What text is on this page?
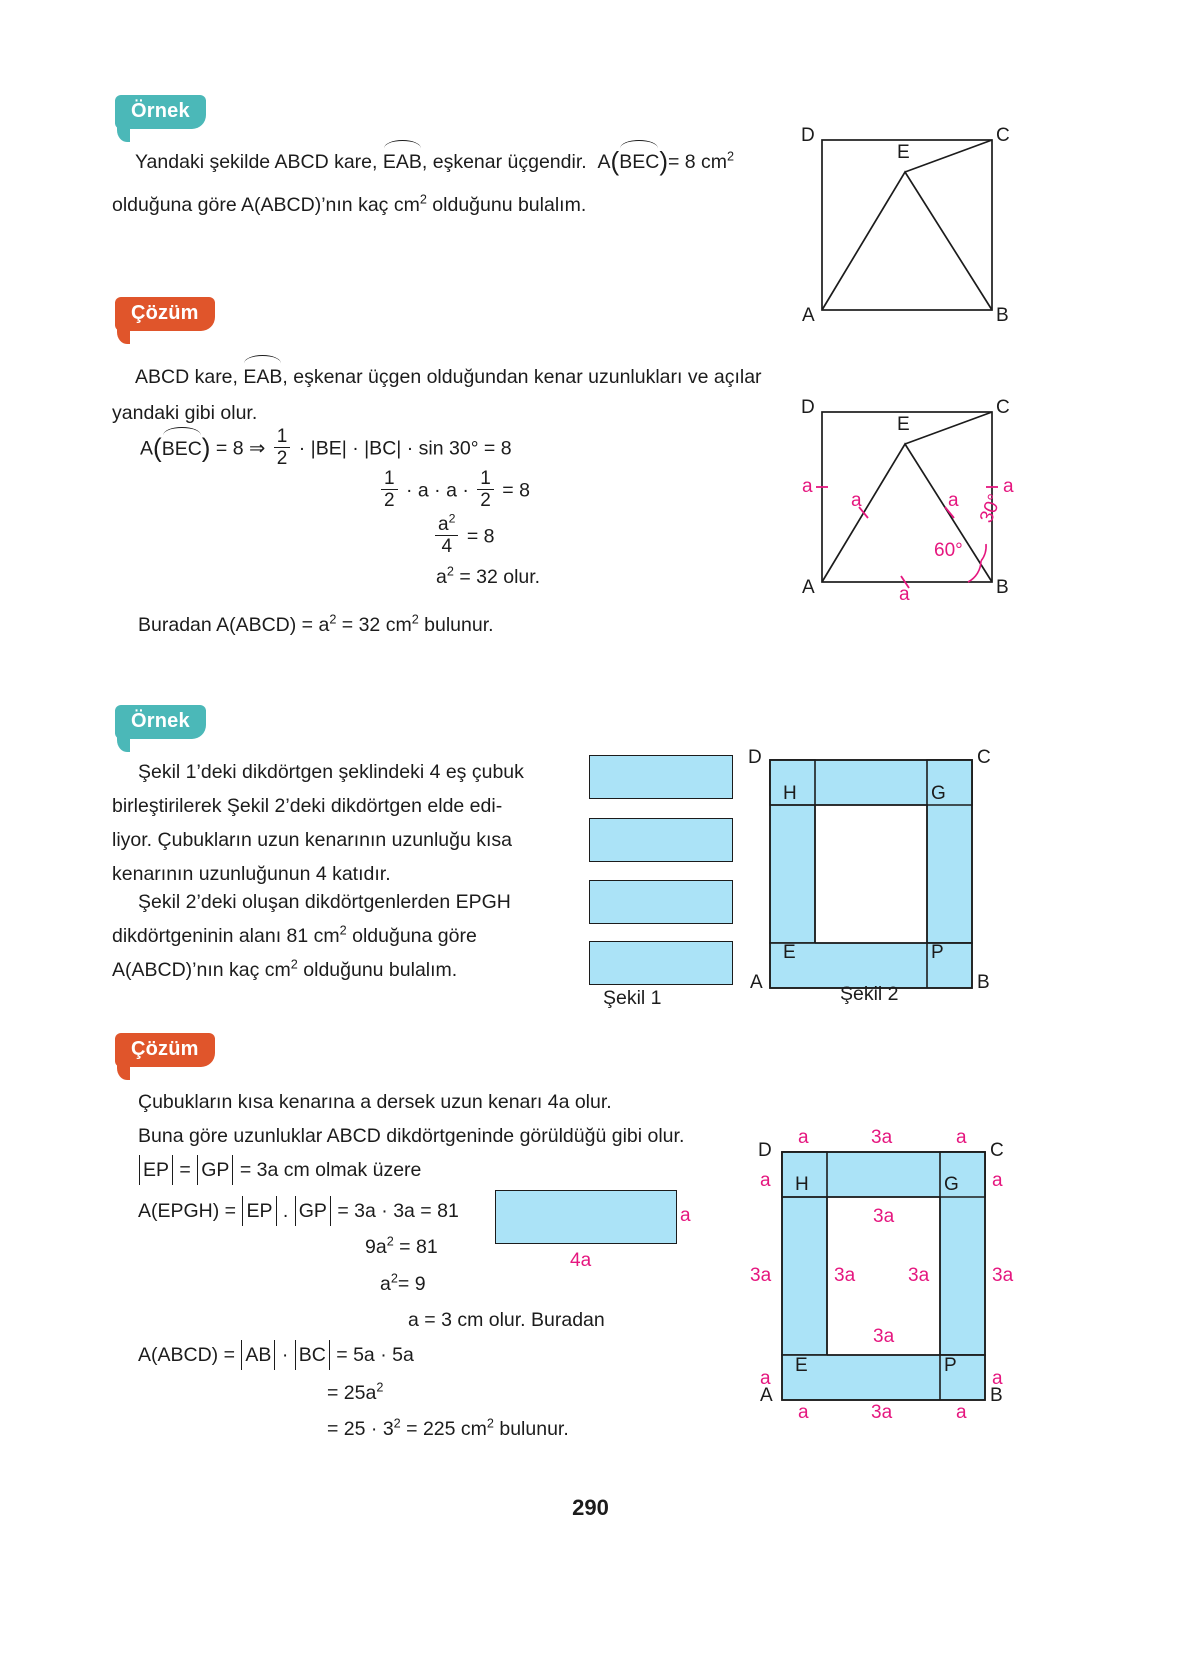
Örnek
Yandaki şekilde ABCD kare, EAB, eşkenar üçgendir. A(BEC)= 8 $cm^2$
olduğuna göre A(ABCD)’nın kaç $cm^2$ olduğunu bulalım.
D	C
E
A	B
Çözüm
ABCD kare, EAB, eşkenar üçgen olduğundan kenar uzunlukları ve açılar
yandaki gibi olur.
A(BEC) = 8 ⇒ $\frac{1}{2} \cdot |BE| \cdot |BC| \cdot \sin 30^\circ = 8$
$\frac{1}{2} \cdot a \cdot a \cdot \frac{1}{2} = 8$
$\frac{a^2}{4} = 8$
$a^2 = 32$ olur.
Buradan A(ABCD) = $a^2 = 32$ $cm^2$ bulunur.
D	C
E
A	B
a	a
a	a
a
60°
30°
Örnek
Şekil 1’deki dikdörtgen şeklindeki 4 eş çubuk
birleştirilerek Şekil 2’deki dikdörtgen elde edi-
liyor. Çubukların uzun kenarının uzunluğu kısa
kenarının uzunluğunun 4 katıdır.
Şekil 2’deki oluşan dikdörtgenlerden EPGH
dikdörtgeninin alanı 81 $cm^2$ olduğuna göre
A(ABCD)’nın kaç $cm^2$ olduğunu bulalım.
Şekil 1
D	C
H	G
E	P
A	B
Şekil 2
Çözüm
Çubukların kısa kenarına a dersek uzun kenarı 4a olur.
Buna göre uzunluklar ABCD dikdörtgeninde görüldüğü gibi olur.
EP = GP = 3a cm olmak üzere
A(EPGH) = EP . GP = 3a · 3a = 81
$9a^2 = 81$
$a^2= 9$
a = 3 cm olur. Buradan
A(ABCD) = AB · BC = 5a · 5a
= $25a^2$
= $25 \cdot 3^2 = 225$ $cm^2$ bulunur.
a
4a
D	C
H	G
E	P
A	B
a	3a	a
a
3a
a
a
3a
a
a	3a	a
3a
3a	3a
3a
290
